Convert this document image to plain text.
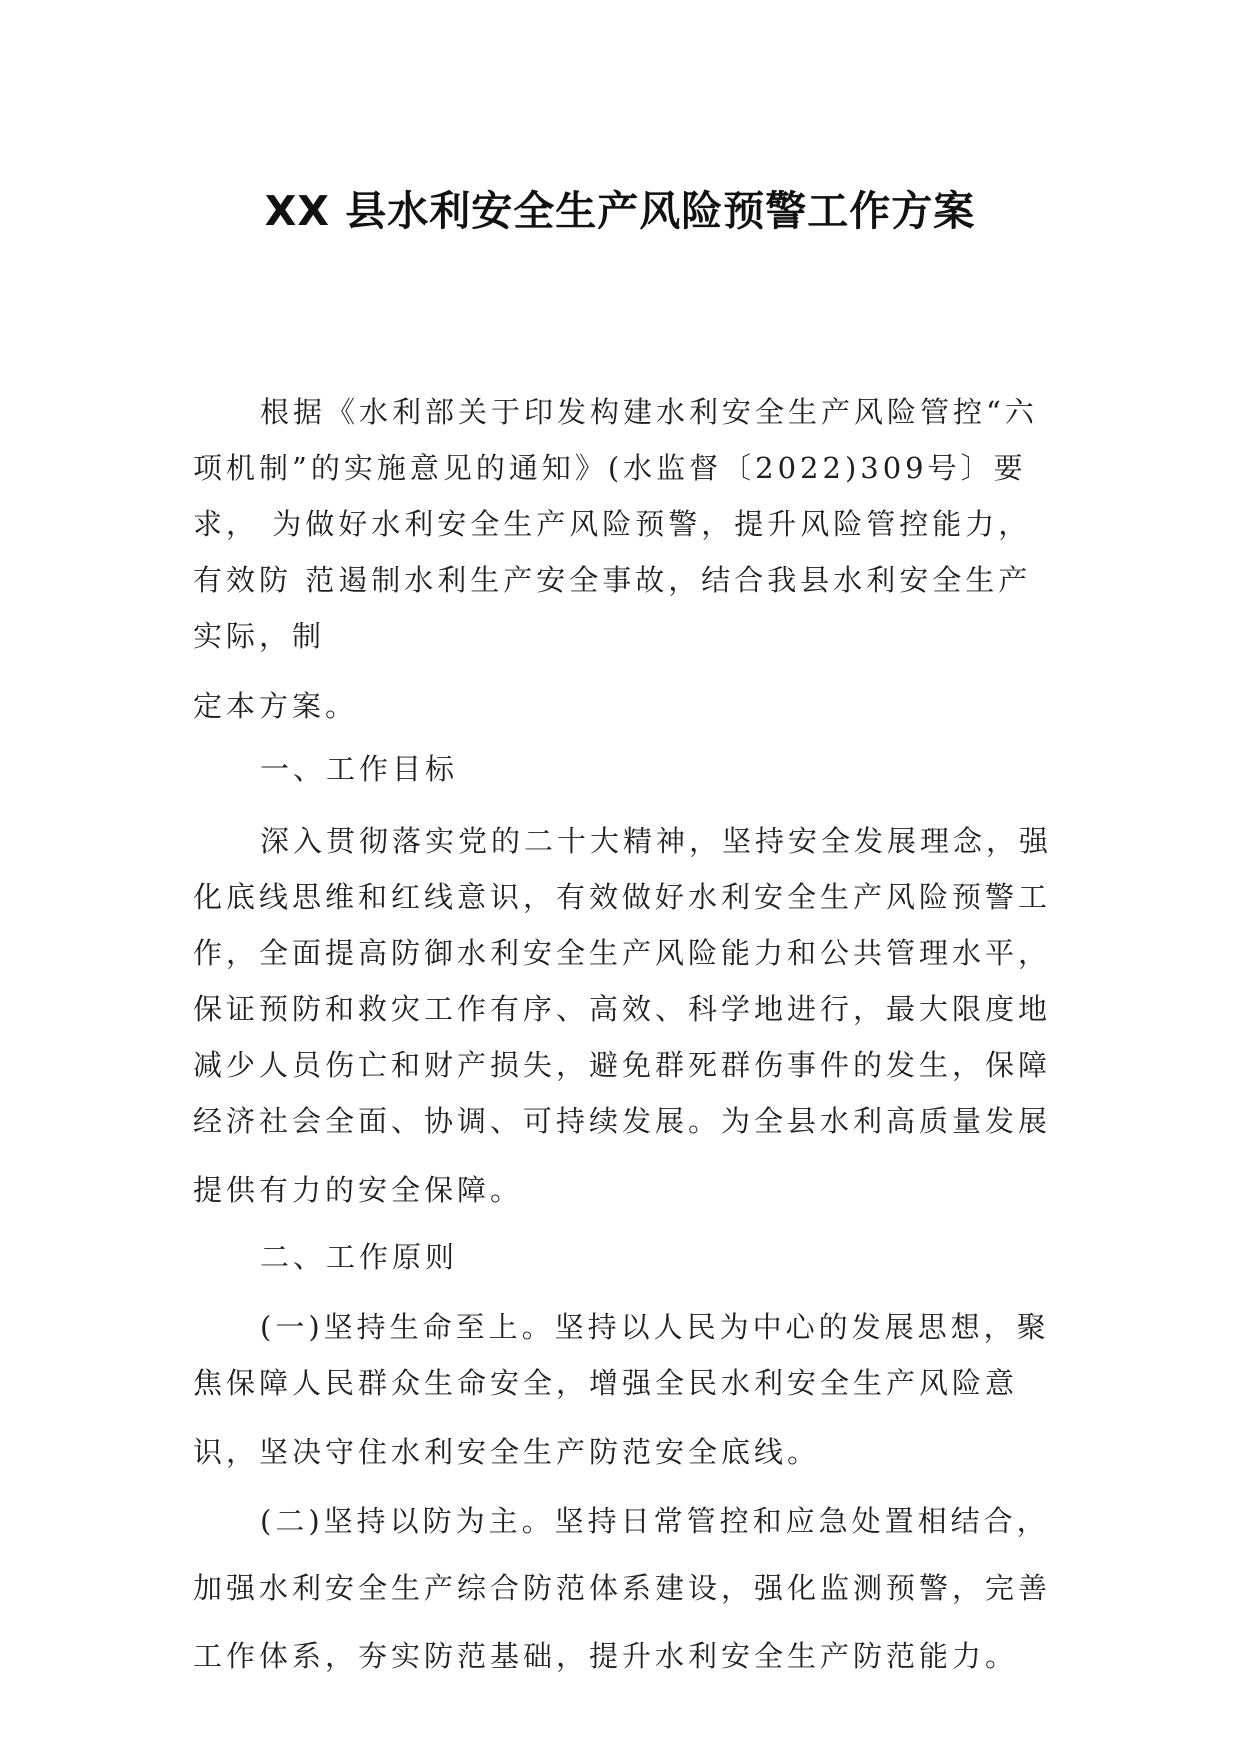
XX 县水利安全生产风险预警工作方案
根据《水利部关于印发构建水利安全生产风险管控“六
项机制”的实施意见的通知》(水监督〔2022)309号〕要
求， 为做好水利安全生产风险预警，提升风险管控能力，
有效防 范遏制水利生产安全事故，结合我县水利安全生产
实际，制
定本方案。
一、工作目标
深入贯彻落实党的二十大精神，坚持安全发展理念，强
化底线思维和红线意识，有效做好水利安全生产风险预警工
作，全面提高防御水利安全生产风险能力和公共管理水平，
保证预防和救灾工作有序、高效、科学地进行，最大限度地
减少人员伤亡和财产损失，避免群死群伤事件的发生，保障
经济社会全面、协调、可持续发展。为全县水利高质量发展
提供有力的安全保障。
二、工作原则
(一)坚持生命至上。坚持以人民为中心的发展思想，聚
焦保障人民群众生命安全，增强全民水利安全生产风险意
识，坚决守住水利安全生产防范安全底线。
(二)坚持以防为主。坚持日常管控和应急处置相结合，
加强水利安全生产综合防范体系建设，强化监测预警，完善
工作体系，夯实防范基础，提升水利安全生产防范能力。
